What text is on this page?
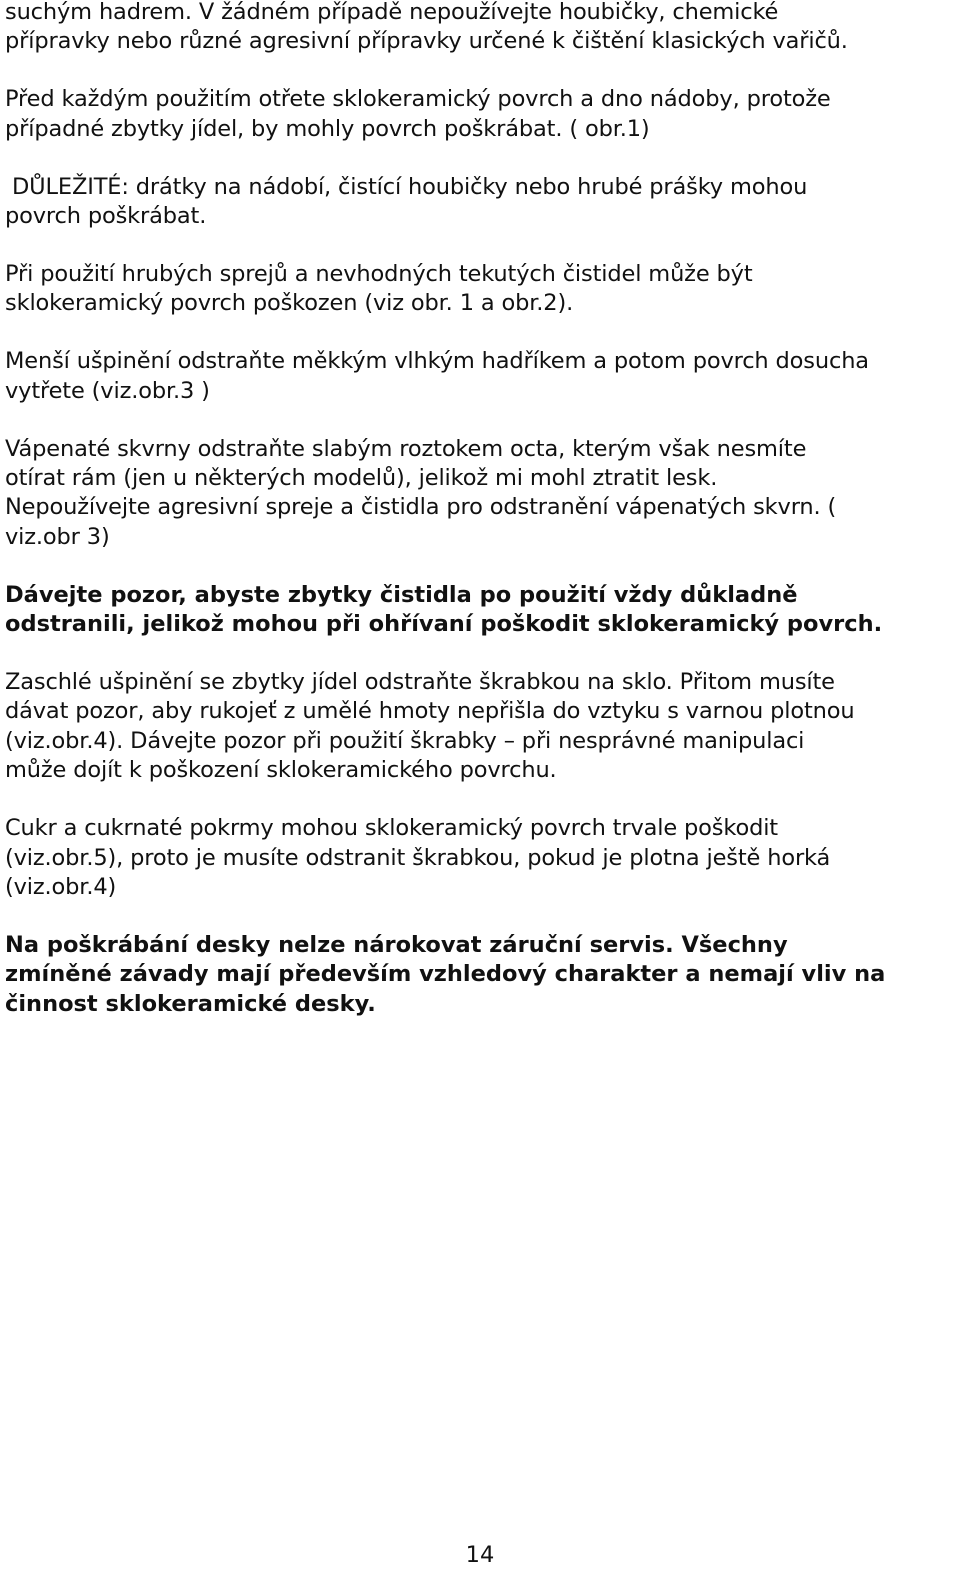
suchým hadrem. V žádném případě nepoužívejte houbičky, chemické
přípravky nebo různé agresivní přípravky určené k čištění klasických vařičů.
Před každým použitím otřete sklokeramický povrch a dno nádoby, protože
případné zbytky jídel, by mohly povrch poškrábat. ( obr.1)
DŮLEŽITÉ: drátky na nádobí, čistící houbičky nebo hrubé prášky mohou
povrch poškrábat.
Při použití hrubých sprejů a nevhodných tekutých čistidel může být
sklokeramický povrch poškozen (viz obr. 1 a obr.2).
Menší ušpinění odstraňte měkkým vlhkým hadříkem a potom povrch dosucha
vytřete (viz.obr.3 )
Vápenaté skvrny odstraňte slabým roztokem octa, kterým však nesmíte
otírat rám (jen u některých modelů), jelikož mi mohl ztratit lesk.
Nepoužívejte agresivní spreje a čistidla pro odstranění vápenatých skvrn. (
viz.obr 3)
Dávejte pozor, abyste zbytky čistidla po použití vždy důkladně
odstranili, jelikož mohou při ohřívaní poškodit sklokeramický povrch.
Zaschlé ušpinění se zbytky jídel odstraňte škrabkou na sklo. Přitom musíte
dávat pozor, aby rukojeť z umělé hmoty nepřišla do vztyku s varnou plotnou
(viz.obr.4). Dávejte pozor při použití škrabky – při nesprávné manipulaci
může dojít k poškození sklokeramického povrchu.
Cukr a cukrnaté pokrmy mohou sklokeramický povrch trvale poškodit
(viz.obr.5), proto je musíte odstranit škrabkou, pokud je plotna ještě horká
(viz.obr.4)
Na poškrábání desky nelze nárokovat záruční servis. Všechny
zmíněné závady mají především vzhledový charakter a nemají vliv na
činnost sklokeramické desky.
14
